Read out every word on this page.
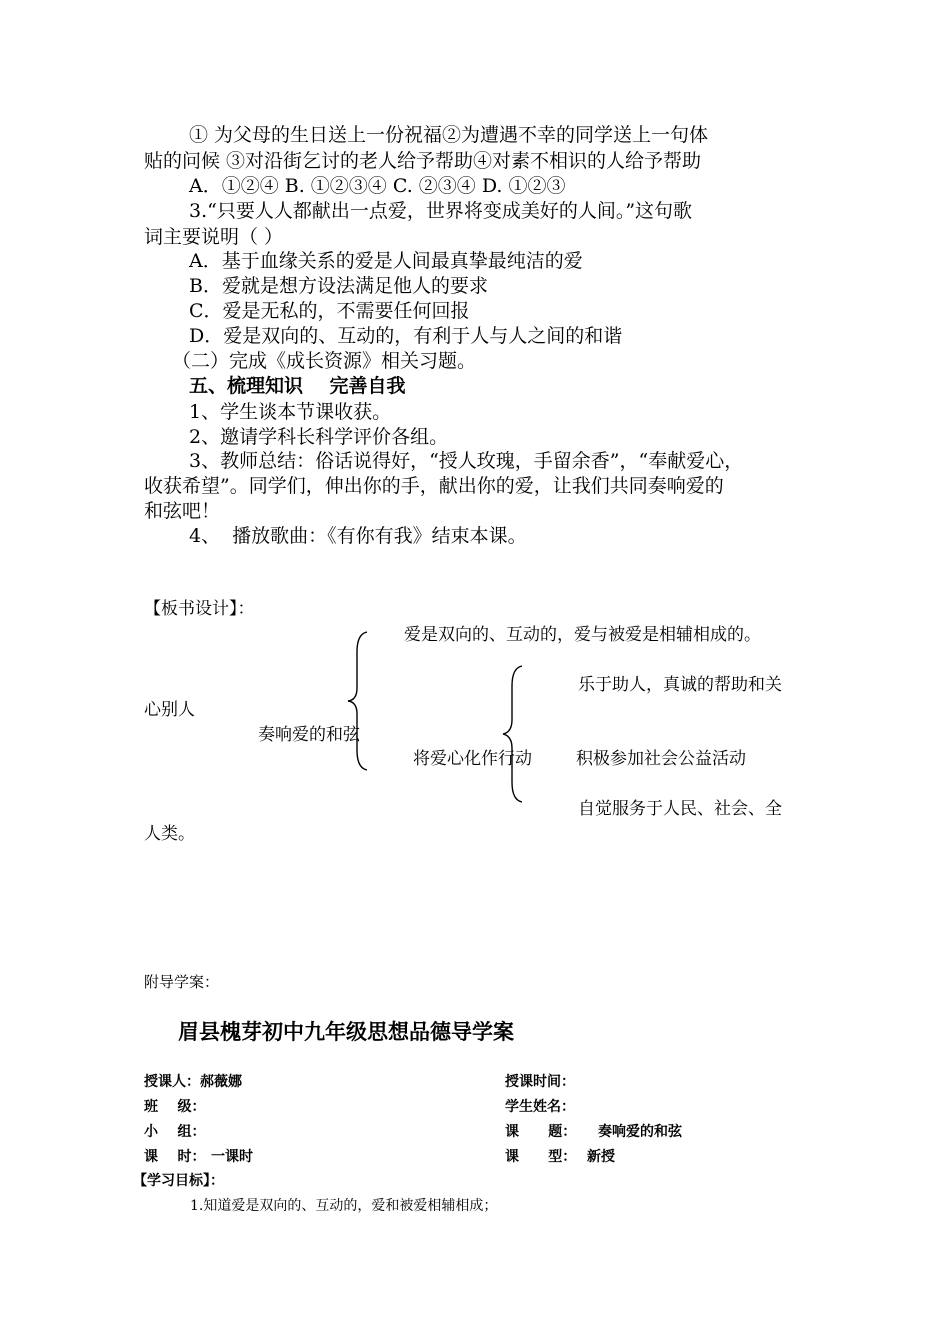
① 为父母的生日送上一份祝福②为遭遇不幸的同学送上一句体
贴的问候 ③对沿街乞讨的老人给予帮助④对素不相识的人给予帮助
A．①②④ B. ①②③④ C. ②③④ D. ①②③
3.“只要人人都献出一点爱，世界将变成美好的人间。”这句歌
词主要说明（ ）
A．基于血缘关系的爱是人间最真挚最纯洁的爱
B．爱就是想方设法满足他人的要求
C．爱是无私的，不需要任何回报
D．爱是双向的、互动的，有利于人与人之间的和谐
（二）完成《成长资源》相关习题。
五、梳理知识    完善自我
1、学生谈本节课收获。
2、邀请学科长科学评价各组。
3、教师总结：俗话说得好，“授人玫瑰，手留余香”，“奉献爱心，
收获希望”。同学们，伸出你的手，献出你的爱，让我们共同奏响爱的
和弦吧！
4、  播放歌曲：《有你有我》结束本课。
【板书设计】：
爱是双向的、互动的，爱与被爱是相辅相成的。
乐于助人，真诚的帮助和关
心别人
奏响爱的和弦
将爱心化作行动	积极参加社会公益活动
自觉服务于人民、社会、全
人类。
附导学案：
眉县槐芽初中九年级思想品德导学案
授课人：郝薇娜	授课时间：
班    级：	学生姓名：
小    组：	课      题： 奏响爱的和弦
课    时： 一课时	课      型： 新授
【学习目标】：
1.知道爱是双向的、互动的，爱和被爱相辅相成；
